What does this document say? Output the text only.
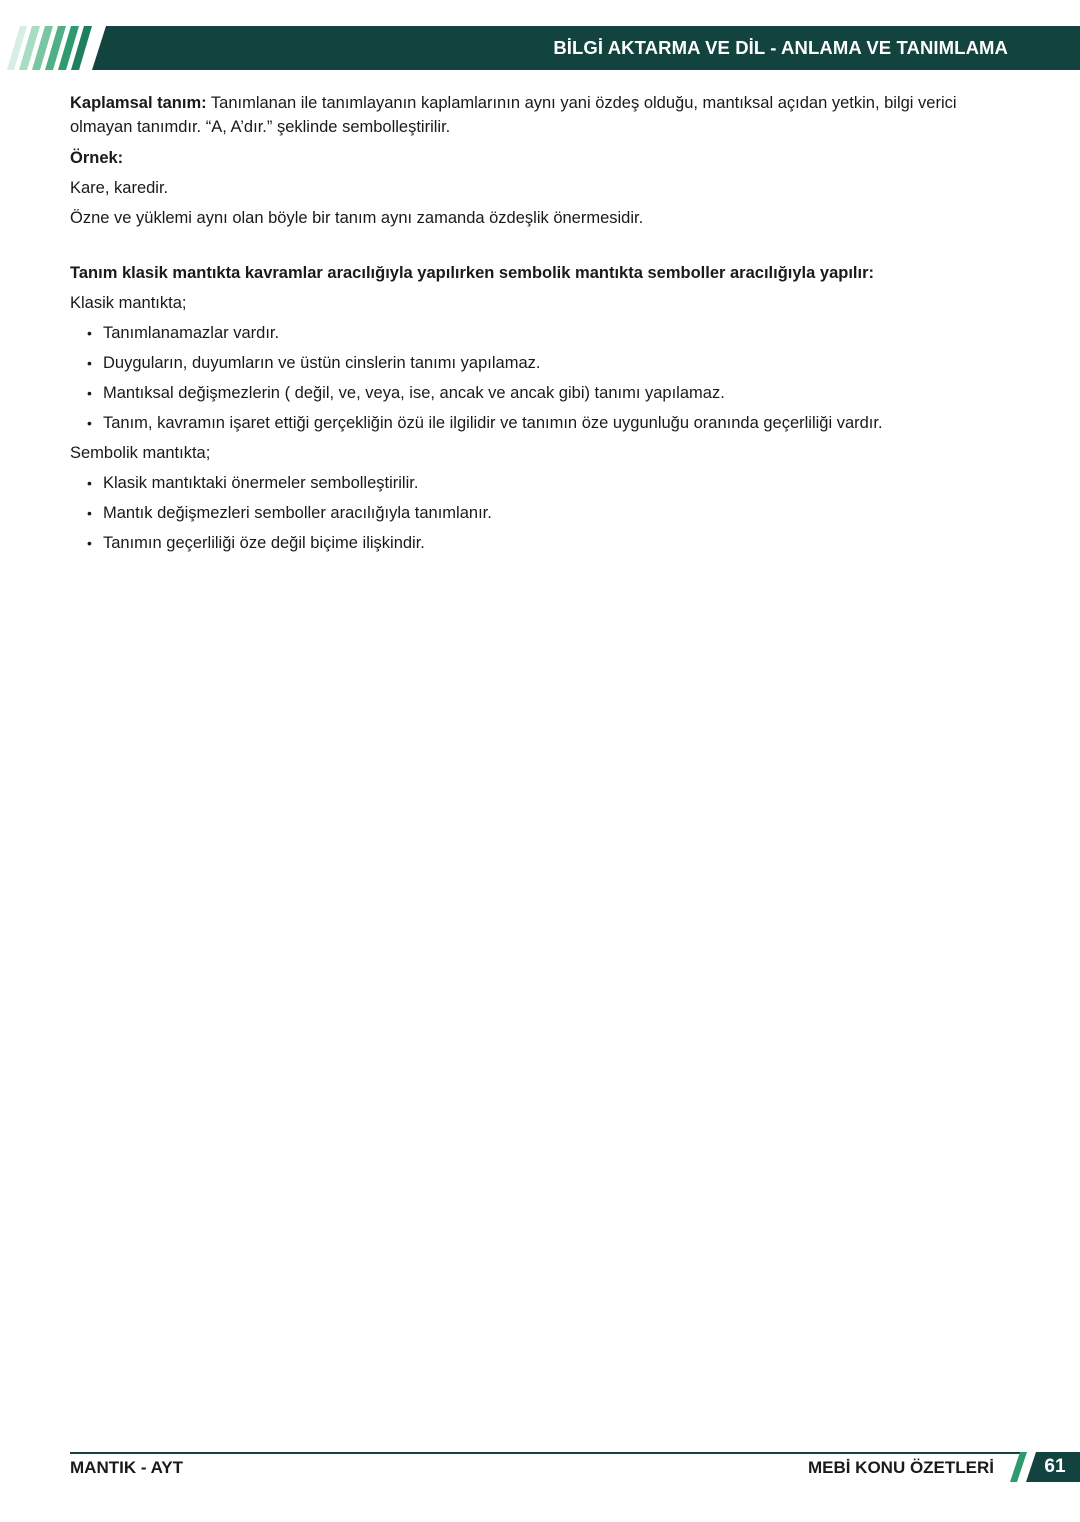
BİLGİ AKTARMA VE DİL - ANLAMA VE TANIMLAMA

Kaplamsal tanım: Tanımlanan ile tanımlayanın kaplamlarının aynı yani özdeş olduğu, mantıksal açıdan yetkin, bilgi verici olmayan tanımdır. “A, A’dır.” şeklinde sembolleştirilir.

Örnek:

Kare, karedir.

Özne ve yüklemi aynı olan böyle bir tanım aynı zamanda özdeşlik önermesidir.

Tanım klasik mantıkta kavramlar aracılığıyla yapılırken sembolik mantıkta semboller aracılığıyla yapılır:

Klasik mantıkta;

• Tanımlanamazlar vardır.
• Duyguların, duyumların ve üstün cinslerin tanımı yapılamaz.
• Mantıksal değişmezlerin ( değil, ve, veya, ise, ancak ve ancak gibi) tanımı yapılamaz.
• Tanım, kavramın işaret ettiği gerçekliğin özü ile ilgilidir ve tanımın öze uygunluğu oranında geçerliliği vardır.

Sembolik mantıkta;

• Klasik mantıktaki önermeler sembolleştirilir.
• Mantık değişmezleri semboller aracılığıyla tanımlanır.
• Tanımın geçerliliği öze değil biçime ilişkindir.
MANTIK - AYT	MEBİ KONU ÖZETLERİ	61
